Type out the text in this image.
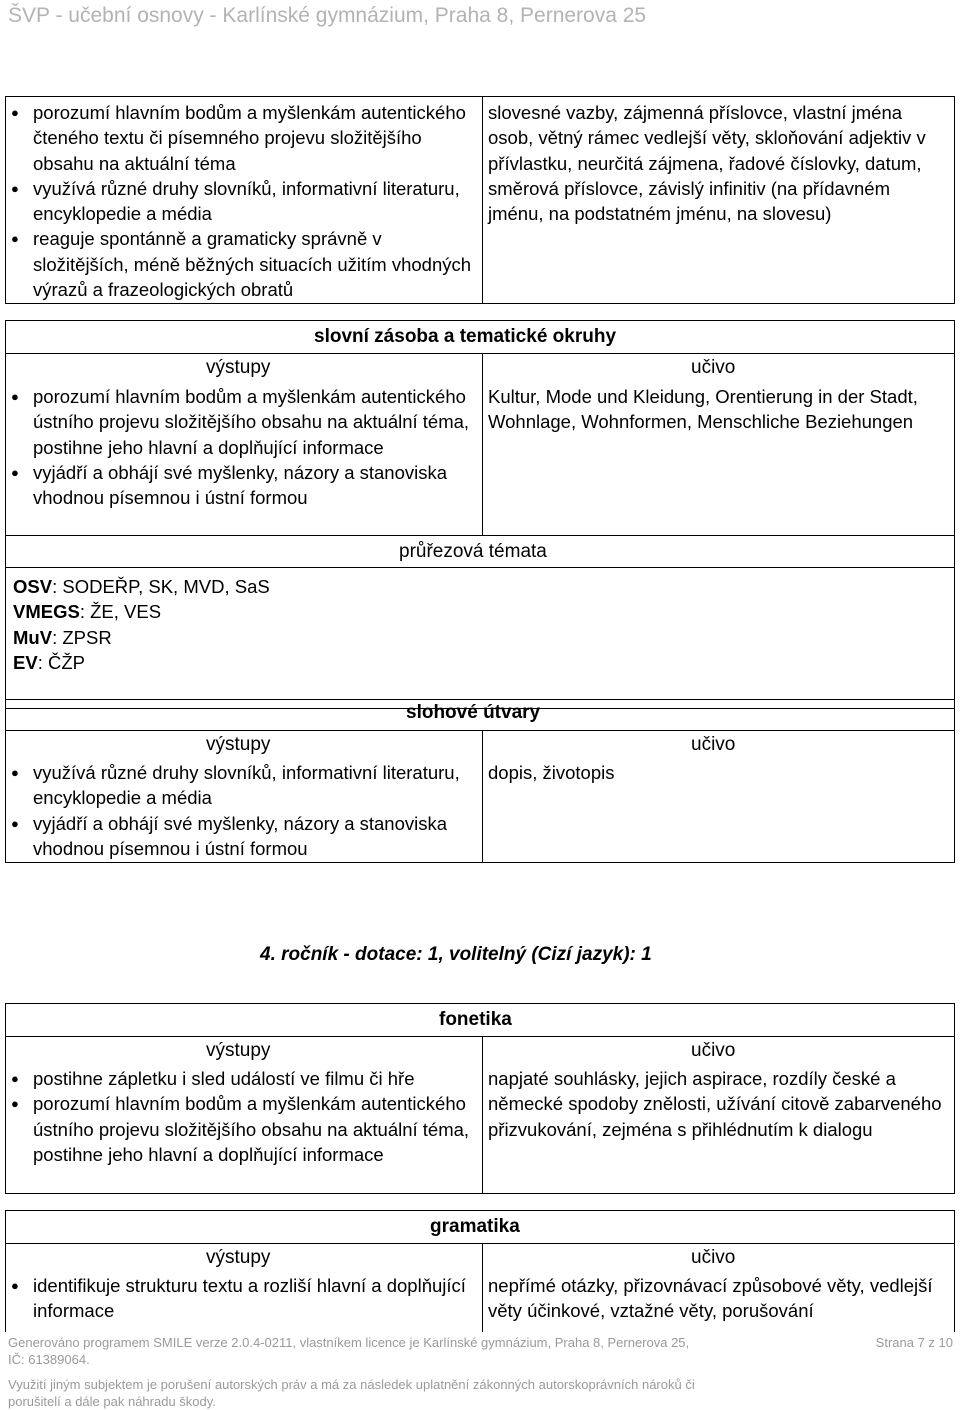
ŠVP - učební osnovy - Karlínské gymnázium, Praha 8, Pernerova 25
● porozumí hlavním bodům a myšlenkám autentického čteného textu či písemného projevu složitějšího obsahu na aktuální téma
● využívá různé druhy slovníků, informativní literaturu, encyklopedie a média
● reaguje spontánně a gramaticky správně v složitějších, méně běžných situacích užitím vhodných výrazů a frazeologických obratů
slovesné vazby, zájmenná příslovce, vlastní jména osob, větný rámec vedlejší věty, skloňování adjektiv v přívlastku, neurčitá zájmena, řadové číslovky, datum, směrová příslovce, závislý infinitiv (na přídavném jménu, na podstatném jménu, na slovesu)
slovní zásoba a tematické okruhy
výstupy	učivo
● porozumí hlavním bodům a myšlenkám autentického ústního projevu složitějšího obsahu na aktuální téma, postihne jeho hlavní a doplňující informace
● vyjádří a obhájí své myšlenky, názory a stanoviska vhodnou písemnou i ústní formou
Kultur, Mode und Kleidung, Orentierung in der Stadt, Wohnlage, Wohnformen, Menschliche Beziehungen
průřezová témata
OSV: SODEŘP, SK, MVD, SaS
VMEGS: ŽE, VES
MuV: ZPSR
EV: ČŽP
slohové útvary
výstupy	učivo
● využívá různé druhy slovníků, informativní literaturu, encyklopedie a média
● vyjádří a obhájí své myšlenky, názory a stanoviska vhodnou písemnou i ústní formou
dopis, životopis
4. ročník - dotace: 1, volitelný (Cizí jazyk): 1
fonetika
výstupy	učivo
● postihne zápletku i sled událostí ve filmu či hře
● porozumí hlavním bodům a myšlenkám autentického ústního projevu složitějšího obsahu na aktuální téma, postihne jeho hlavní a doplňující informace
napjaté souhlásky, jejich aspirace, rozdíly české a německé spodoby znělosti, užívání citově zabarveného přizvukování, zejména s přihlédnutím k dialogu
gramatika
výstupy	učivo
● identifikuje strukturu textu a rozliší hlavní a doplňující informace
nepřímé otázky, přizovnávací způsobové věty, vedlejší věty účinkové, vztažné věty, porušování
Generováno programem SMILE verze 2.0.4-0211, vlastníkem licence je Karlínské gymnázium, Praha 8, Pernerova 25,	Strana 7 z 10
IČ: 61389064.
Využití jiným subjektem je porušení autorských práv a má za následek uplatnění zákonných autorskoprávních nároků či
porušitelí a dále pak náhradu škody.
